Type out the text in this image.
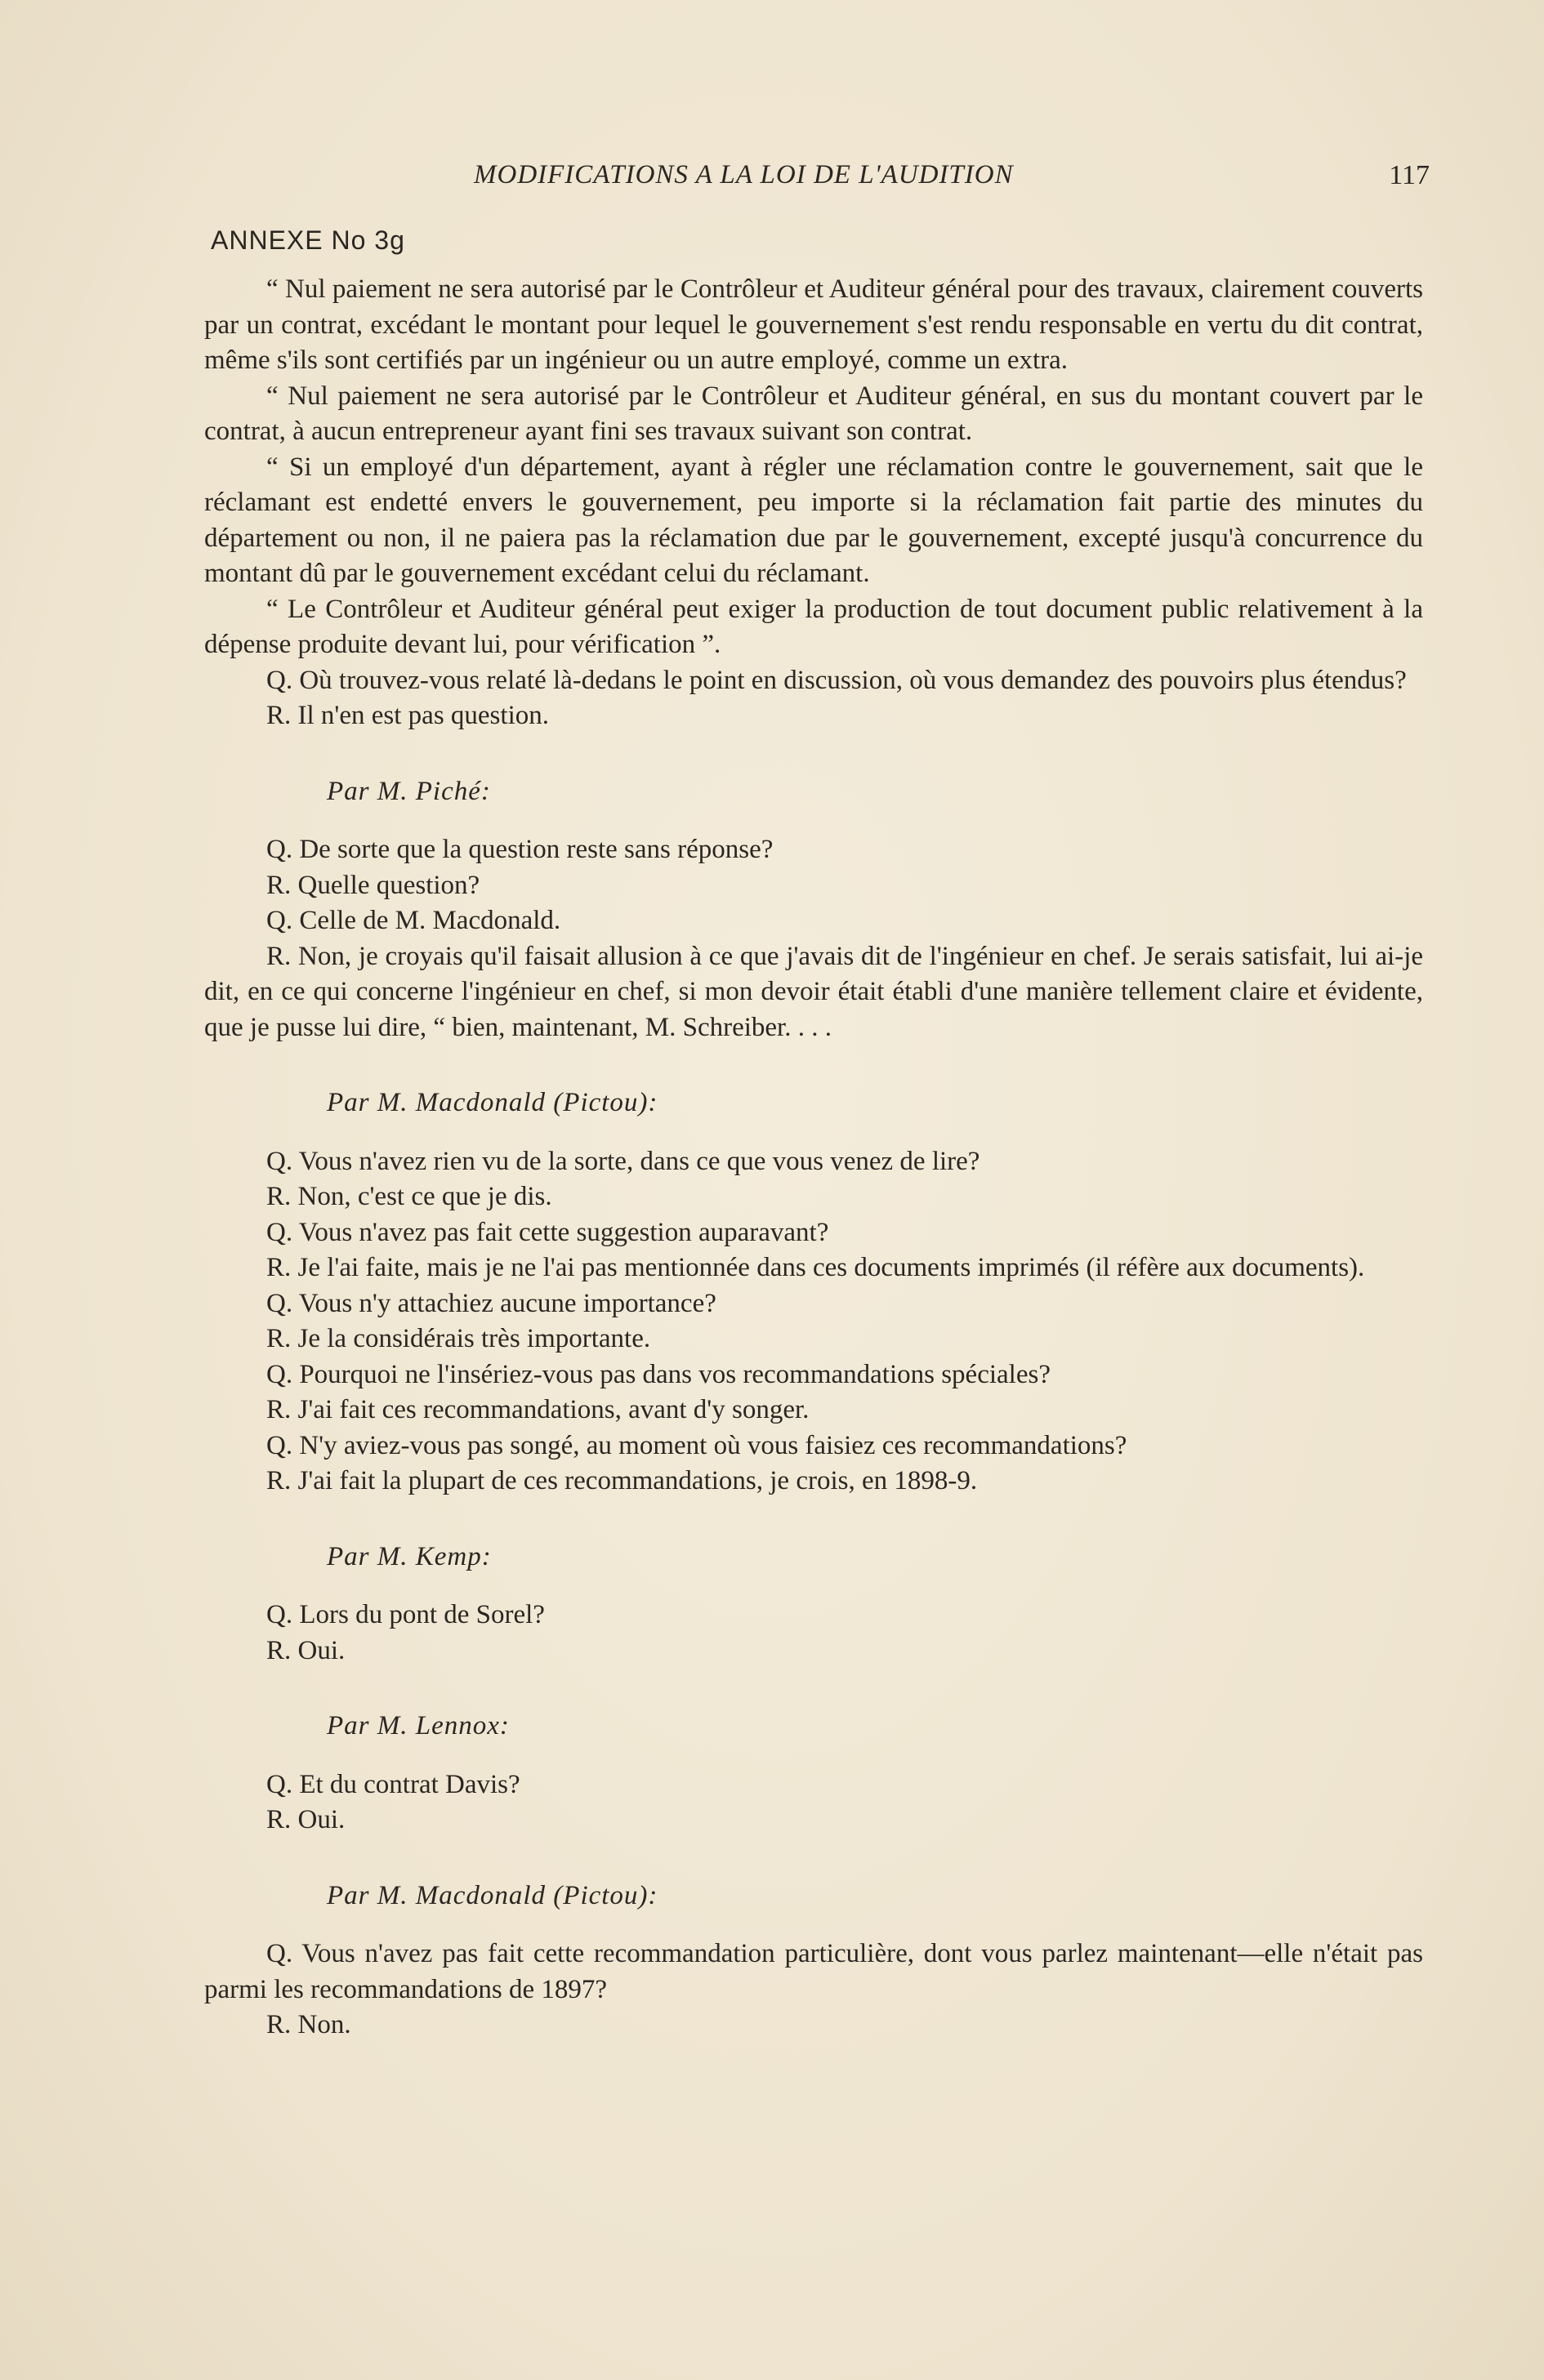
MODIFICATIONS A LA LOI DE L'AUDITION	117
ANNEXE No 3g

“ Nul paiement ne sera autorisé par le Contrôleur et Auditeur général pour des travaux, clairement couverts par un contrat, excédant le montant pour lequel le gouvernement s'est rendu responsable en vertu du dit contrat, même s'ils sont certifiés par un ingénieur ou un autre employé, comme un extra.

“ Nul paiement ne sera autorisé par le Contrôleur et Auditeur général, en sus du montant couvert par le contrat, à aucun entrepreneur ayant fini ses travaux suivant son contrat.

“ Si un employé d'un département, ayant à régler une réclamation contre le gouvernement, sait que le réclamant est endetté envers le gouvernement, peu importe si la réclamation fait partie des minutes du département ou non, il ne paiera pas la réclamation due par le gouvernement, excepté jusqu'à concurrence du montant dû par le gouvernement excédant celui du réclamant.

“ Le Contrôleur et Auditeur général peut exiger la production de tout document public relativement à la dépense produite devant lui, pour vérification ”.

Q. Où trouvez-vous relaté là-dedans le point en discussion, où vous demandez des pouvoirs plus étendus?

R. Il n'en est pas question.

Par M. Piché:

Q. De sorte que la question reste sans réponse?

R. Quelle question?

Q. Celle de M. Macdonald.

R. Non, je croyais qu'il faisait allusion à ce que j'avais dit de l'ingénieur en chef. Je serais satisfait, lui ai-je dit, en ce qui concerne l'ingénieur en chef, si mon devoir était établi d'une manière tellement claire et évidente, que je pusse lui dire, “ bien, maintenant, M. Schreiber. . . .

Par M. Macdonald (Pictou):

Q. Vous n'avez rien vu de la sorte, dans ce que vous venez de lire?

R. Non, c'est ce que je dis.

Q. Vous n'avez pas fait cette suggestion auparavant?

R. Je l'ai faite, mais je ne l'ai pas mentionnée dans ces documents imprimés (il réfère aux documents).

Q. Vous n'y attachiez aucune importance?

R. Je la considérais très importante.

Q. Pourquoi ne l'insériez-vous pas dans vos recommandations spéciales?

R. J'ai fait ces recommandations, avant d'y songer.

Q. N'y aviez-vous pas songé, au moment où vous faisiez ces recommandations?

R. J'ai fait la plupart de ces recommandations, je crois, en 1898-9.

Par M. Kemp:

Q. Lors du pont de Sorel?

R. Oui.

Par M. Lennox:

Q. Et du contrat Davis?

R. Oui.

Par M. Macdonald (Pictou):

Q. Vous n'avez pas fait cette recommandation particulière, dont vous parlez maintenant—elle n'était pas parmi les recommandations de 1897?

R. Non.
